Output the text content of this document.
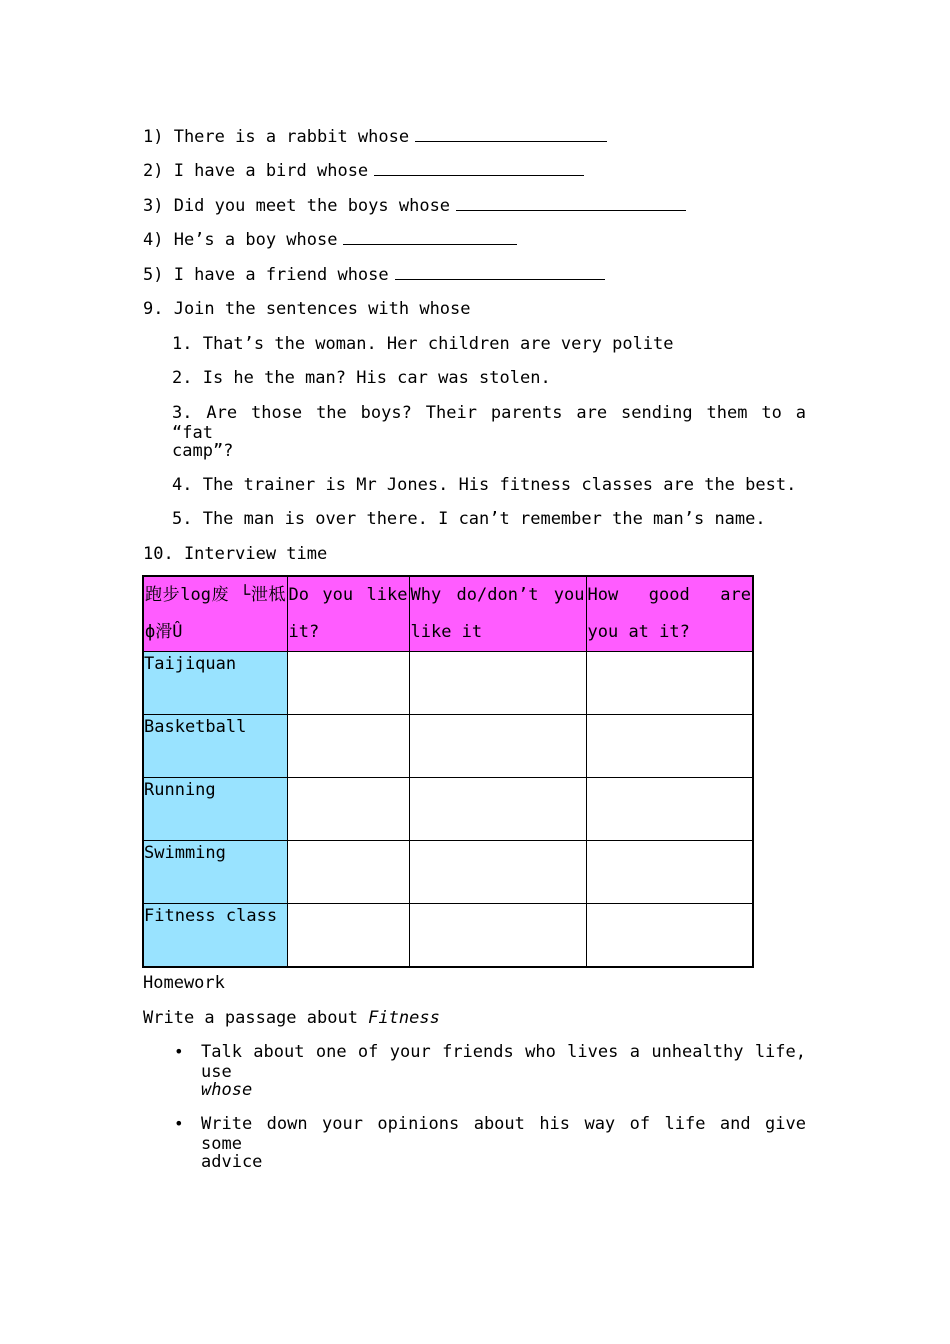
1) There is a rabbit whose
2) I have a bird whose
3) Did you meet the boys whose
4) He’s a boy whose
5) I have a friend whose
9. Join the sentences with whose
1. That’s the woman. Her children are very polite
2. Is he the man? His car was stolen.
3. Are those the boys? Their parents are sending them to a “fat
camp”?
4. The trainer is Mr Jones. His fitness classes are the best.
5. The man is over there. I can’t remember the man’s name.
10. Interview time
跑步log废 └泄柢ф滑Û	Do you like it?	Why do/don’t you like it	How good are you at it?

Taijiquan			
Basketball			
Running			
Swimming			
Fitness class			
Homework
Write a passage about Fitness
• Talk about one of your friends who lives a unhealthy life, use
whose
• Write down your opinions about his way of life and give some
advice
